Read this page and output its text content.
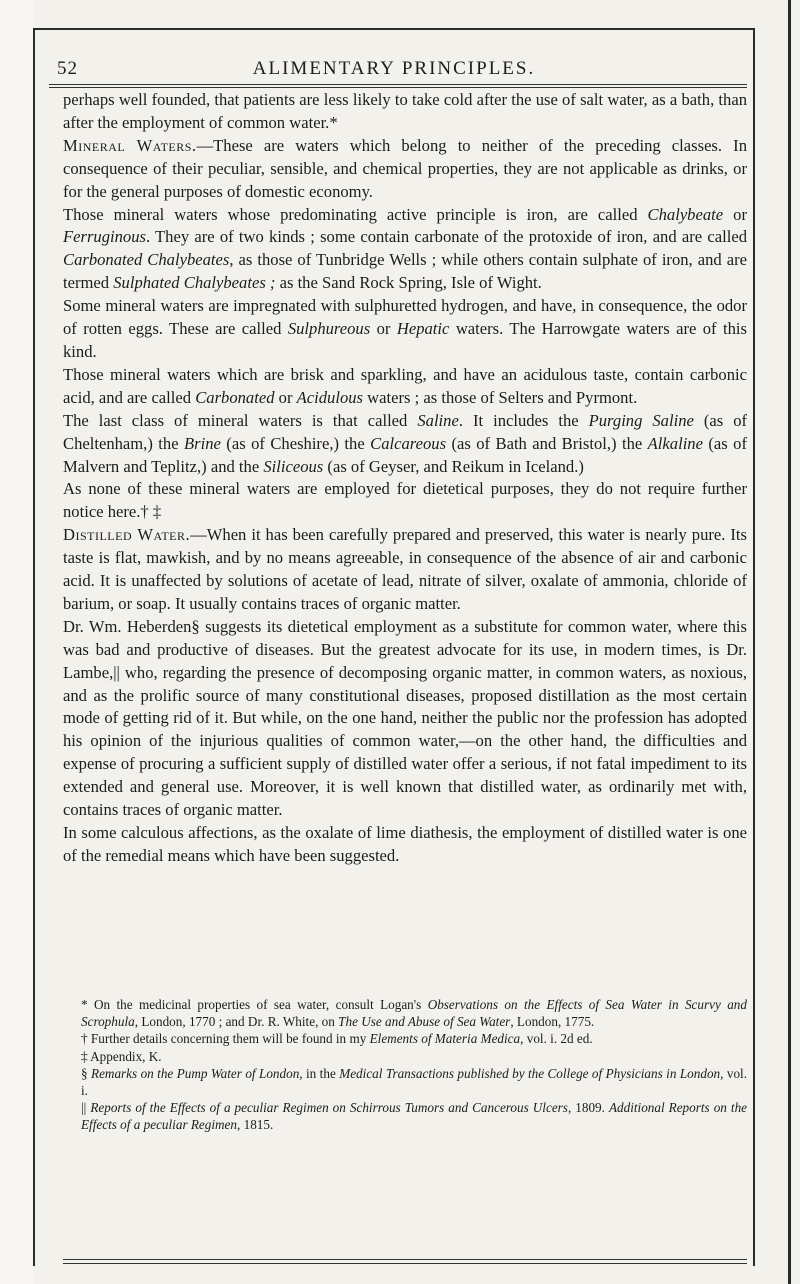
52	ALIMENTARY PRINCIPLES.

perhaps well founded, that patients are less likely to take cold after the use of salt water, as a bath, than after the employment of common water.*

Mineral Waters.—These are waters which belong to neither of the preceding classes. In consequence of their peculiar, sensible, and chemical properties, they are not applicable as drinks, or for the general purposes of domestic economy.

Those mineral waters whose predominating active principle is iron, are called Chalybeate or Ferruginous. They are of two kinds ; some contain carbonate of the protoxide of iron, and are called Carbonated Chalybeates, as those of Tunbridge Wells ; while others contain sulphate of iron, and are termed Sulphated Chalybeates ; as the Sand Rock Spring, Isle of Wight.

Some mineral waters are impregnated with sulphuretted hydrogen, and have, in consequence, the odor of rotten eggs. These are called Sulphureous or Hepatic waters. The Harrowgate waters are of this kind.

Those mineral waters which are brisk and sparkling, and have an acidulous taste, contain carbonic acid, and are called Carbonated or Acidulous waters ; as those of Selters and Pyrmont.

The last class of mineral waters is that called Saline. It includes the Purging Saline (as of Cheltenham,) the Brine (as of Cheshire,) the Calcareous (as of Bath and Bristol,) the Alkaline (as of Malvern and Teplitz,) and the Siliceous (as of Geyser, and Reikum in Iceland.)

As none of these mineral waters are employed for dietetical purposes, they do not require further notice here.† ‡

Distilled Water.—When it has been carefully prepared and preserved, this water is nearly pure. Its taste is flat, mawkish, and by no means agreeable, in consequence of the absence of air and carbonic acid. It is unaffected by solutions of acetate of lead, nitrate of silver, oxalate of ammonia, chloride of barium, or soap. It usually contains traces of organic matter.

Dr. Wm. Heberden§ suggests its dietetical employment as a substitute for common water, where this was bad and productive of diseases. But the greatest advocate for its use, in modern times, is Dr. Lambe,|| who, regarding the presence of decomposing organic matter, in common waters, as noxious, and as the prolific source of many constitutional diseases, proposed distillation as the most certain mode of getting rid of it. But while, on the one hand, neither the public nor the profession has adopted his opinion of the injurious qualities of common water,—on the other hand, the difficulties and expense of procuring a sufficient supply of distilled water offer a serious, if not fatal impediment to its extended and general use. Moreover, it is well known that distilled water, as ordinarily met with, contains traces of organic matter.

In some calculous affections, as the oxalate of lime diathesis, the employment of distilled water is one of the remedial means which have been suggested.

* On the medicinal properties of sea water, consult Logan's Observations on the Effects of Sea Water in Scurvy and Scrophula, London, 1770 ; and Dr. R. White, on The Use and Abuse of Sea Water, London, 1775.

† Further details concerning them will be found in my Elements of Materia Medica, vol. i. 2d ed.

‡ Appendix, K.

§ Remarks on the Pump Water of London, in the Medical Transactions published by the College of Physicians in London, vol. i.

|| Reports of the Effects of a peculiar Regimen on Schirrous Tumors and Cancerous Ulcers, 1809. Additional Reports on the Effects of a peculiar Regimen, 1815.
